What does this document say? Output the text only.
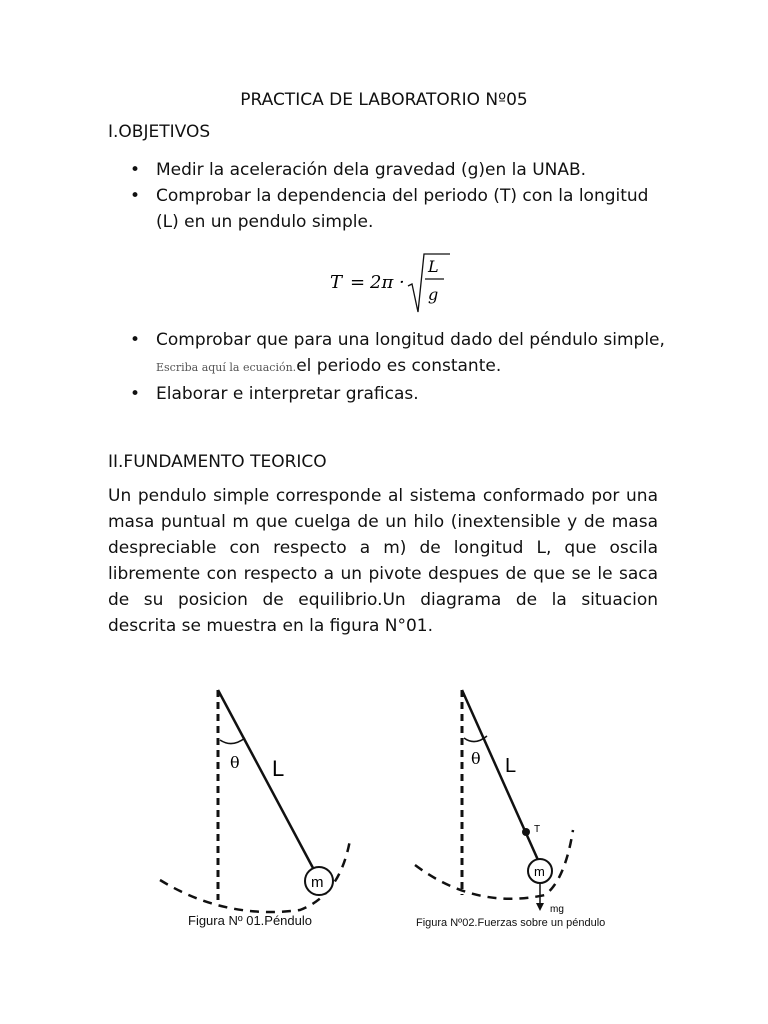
PRACTICA DE LABORATORIO Nº05
I.OBJETIVOS
• Medir la aceleración dela gravedad (g)en la UNAB.
• Comprobar la dependencia del periodo (T) con la longitud (L) en un pendulo simple.
T = 2π ·
L
g
• Comprobar que para una longitud dado del péndulo simple,
Escriba aquí la ecuación.el periodo es constante.
• Elaborar e interpretar graficas.
II.FUNDAMENTO TEORICO
Un pendulo simple corresponde al sistema conformado por una masa puntual m que cuelga de un hilo (inextensible y de masa despreciable con respecto a m) de longitud L, que oscila libremente con respecto a un pivote despues de que se le saca de su posicion de equilibrio.Un diagrama de la situacion descrita se muestra en la figura N°01.
θ L
m
Figura Nº 01.Péndulo
θ L
T
m
mg
Figura Nº02.Fuerzas sobre un péndulo
